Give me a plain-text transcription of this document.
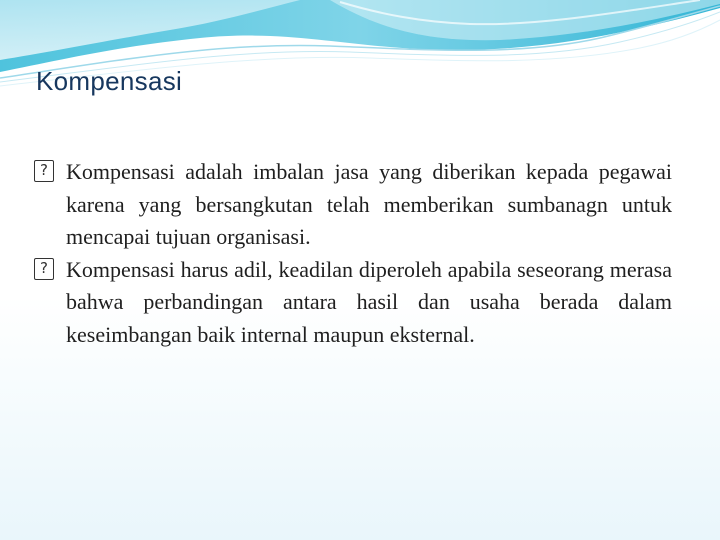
Kompensasi
? Kompensasi adalah imbalan jasa yang diberikan kepada pegawai karena yang bersangkutan telah memberikan sumbanagn untuk mencapai tujuan organisasi.
? Kompensasi harus adil, keadilan diperoleh apabila seseorang merasa bahwa perbandingan antara hasil dan usaha berada dalam keseimbangan baik internal maupun eksternal.
